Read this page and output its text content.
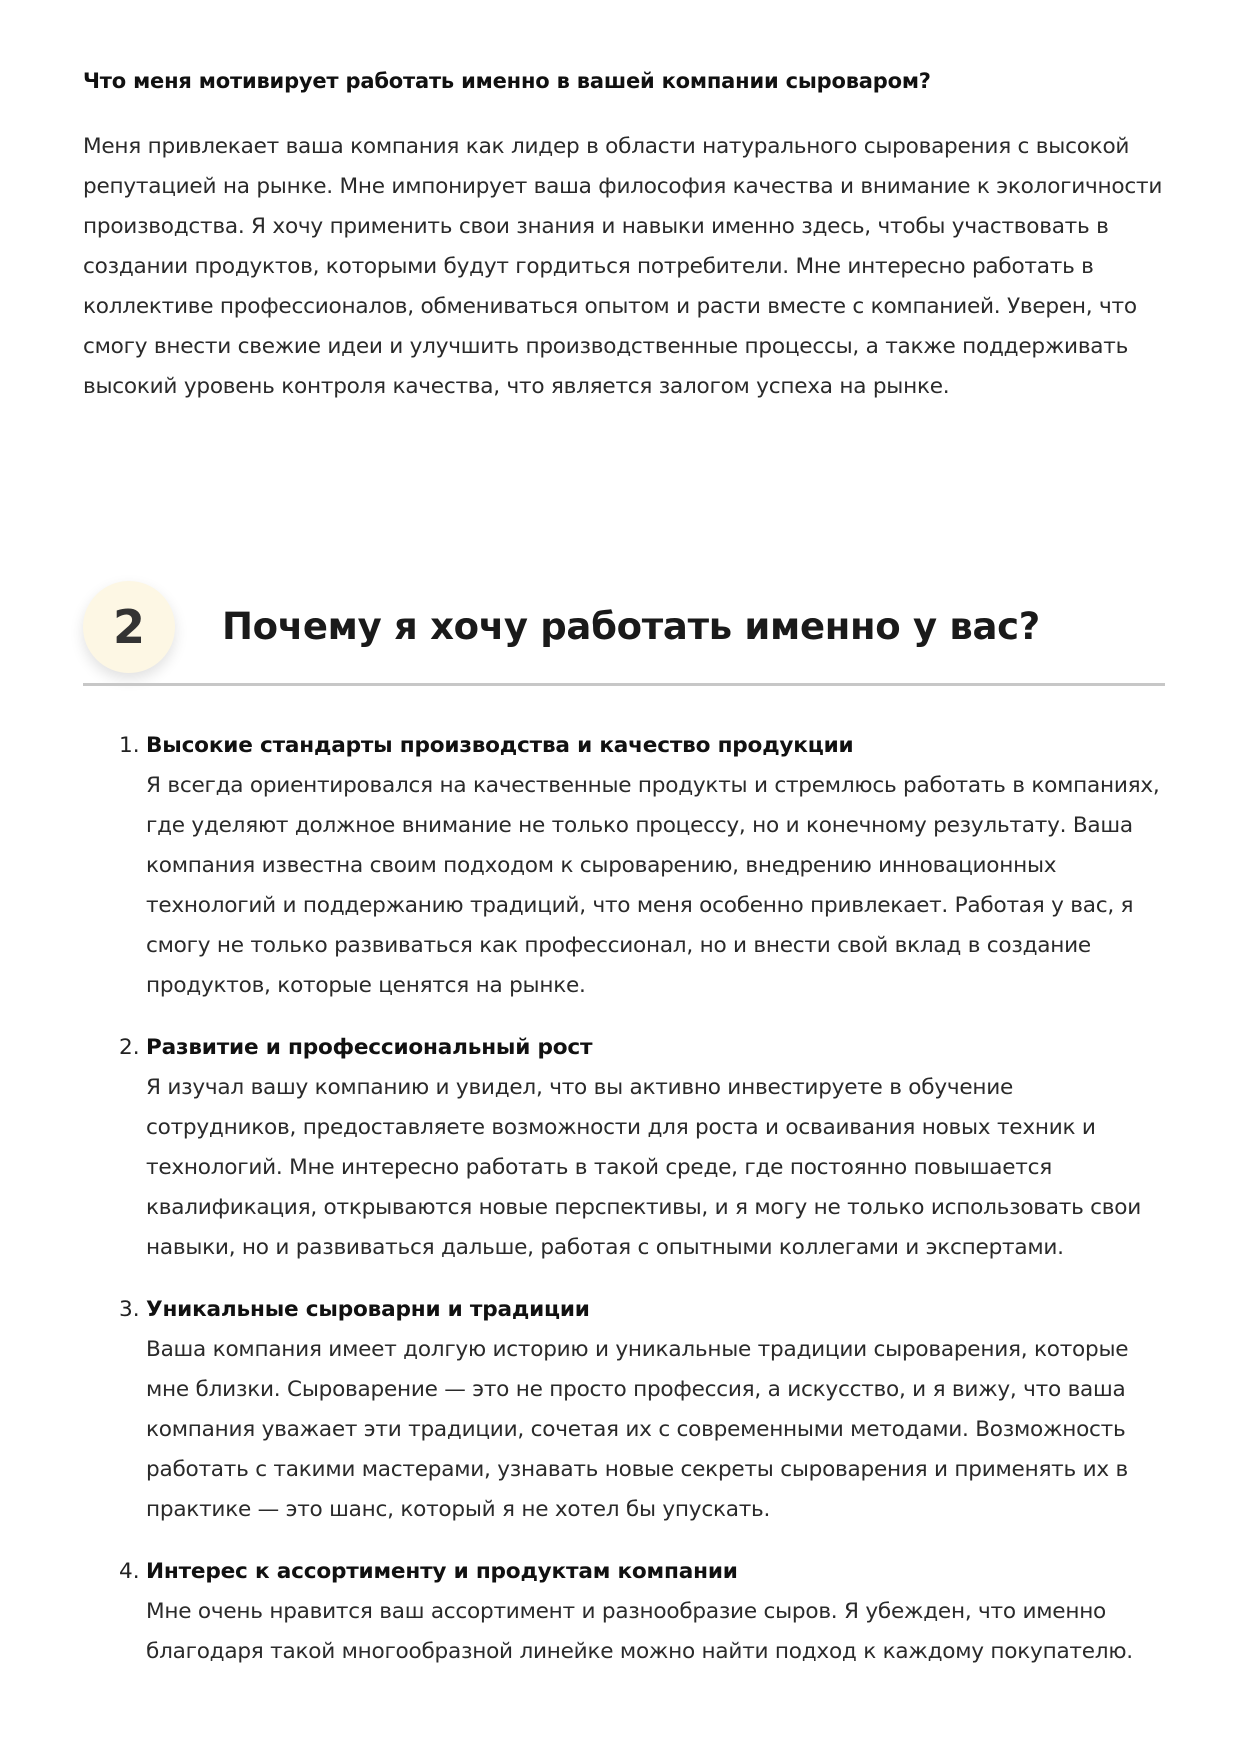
Что меня мотивирует работать именно в вашей компании сыроваром?

Меня привлекает ваша компания как лидер в области натурального сыроварения с высокой репутацией на рынке. Мне импонирует ваша философия качества и внимание к экологичности производства. Я хочу применить свои знания и навыки именно здесь, чтобы участвовать в создании продуктов, которыми будут гордиться потребители. Мне интересно работать в коллективе профессионалов, обмениваться опытом и расти вместе с компанией. Уверен, что смогу внести свежие идеи и улучшить производственные процессы, а также поддерживать высокий уровень контроля качества, что является залогом успеха на рынке.

2	Почему я хочу работать именно у вас?
1. Высокие стандарты производства и качество продукции
Я всегда ориентировался на качественные продукты и стремлюсь работать в компаниях, где уделяют должное внимание не только процессу, но и конечному результату. Ваша компания известна своим подходом к сыроварению, внедрению инновационных технологий и поддержанию традиций, что меня особенно привлекает. Работая у вас, я смогу не только развиваться как профессионал, но и внести свой вклад в создание продуктов, которые ценятся на рынке.
2. Развитие и профессиональный рост
Я изучал вашу компанию и увидел, что вы активно инвестируете в обучение сотрудников, предоставляете возможности для роста и осваивания новых техник и технологий. Мне интересно работать в такой среде, где постоянно повышается квалификация, открываются новые перспективы, и я могу не только использовать свои навыки, но и развиваться дальше, работая с опытными коллегами и экспертами.
3. Уникальные сыроварни и традиции
Ваша компания имеет долгую историю и уникальные традиции сыроварения, которые мне близки. Сыроварение — это не просто профессия, а искусство, и я вижу, что ваша компания уважает эти традиции, сочетая их с современными методами. Возможность работать с такими мастерами, узнавать новые секреты сыроварения и применять их в практике — это шанс, который я не хотел бы упускать.
4. Интерес к ассортименту и продуктам компании
Мне очень нравится ваш ассортимент и разнообразие сыров. Я убежден, что именно благодаря такой многообразной линейке можно найти подход к каждому покупателю.
